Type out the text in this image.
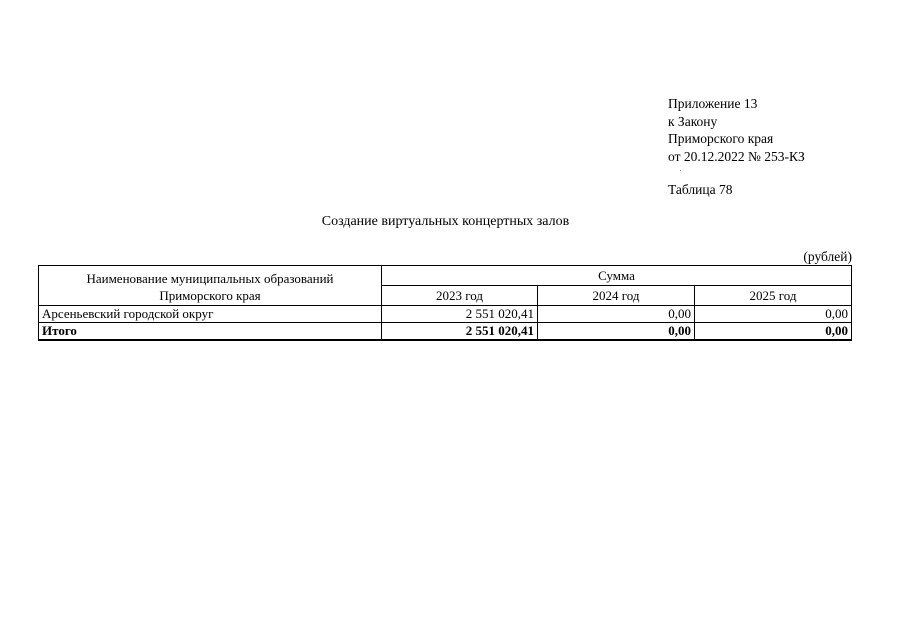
Приложение 13
к Закону
Приморского края
от 20.12.2022 № 253-КЗ
Таблица 78
Создание виртуальных концертных залов
(рублей)
Наименование муниципальных образований
Приморского края	Сумма		
	2023 год	2024 год	2025 год
Арсеньевский городской округ	2 551 020,41	0,00	0,00
Итого	2 551 020,41	0,00	0,00
